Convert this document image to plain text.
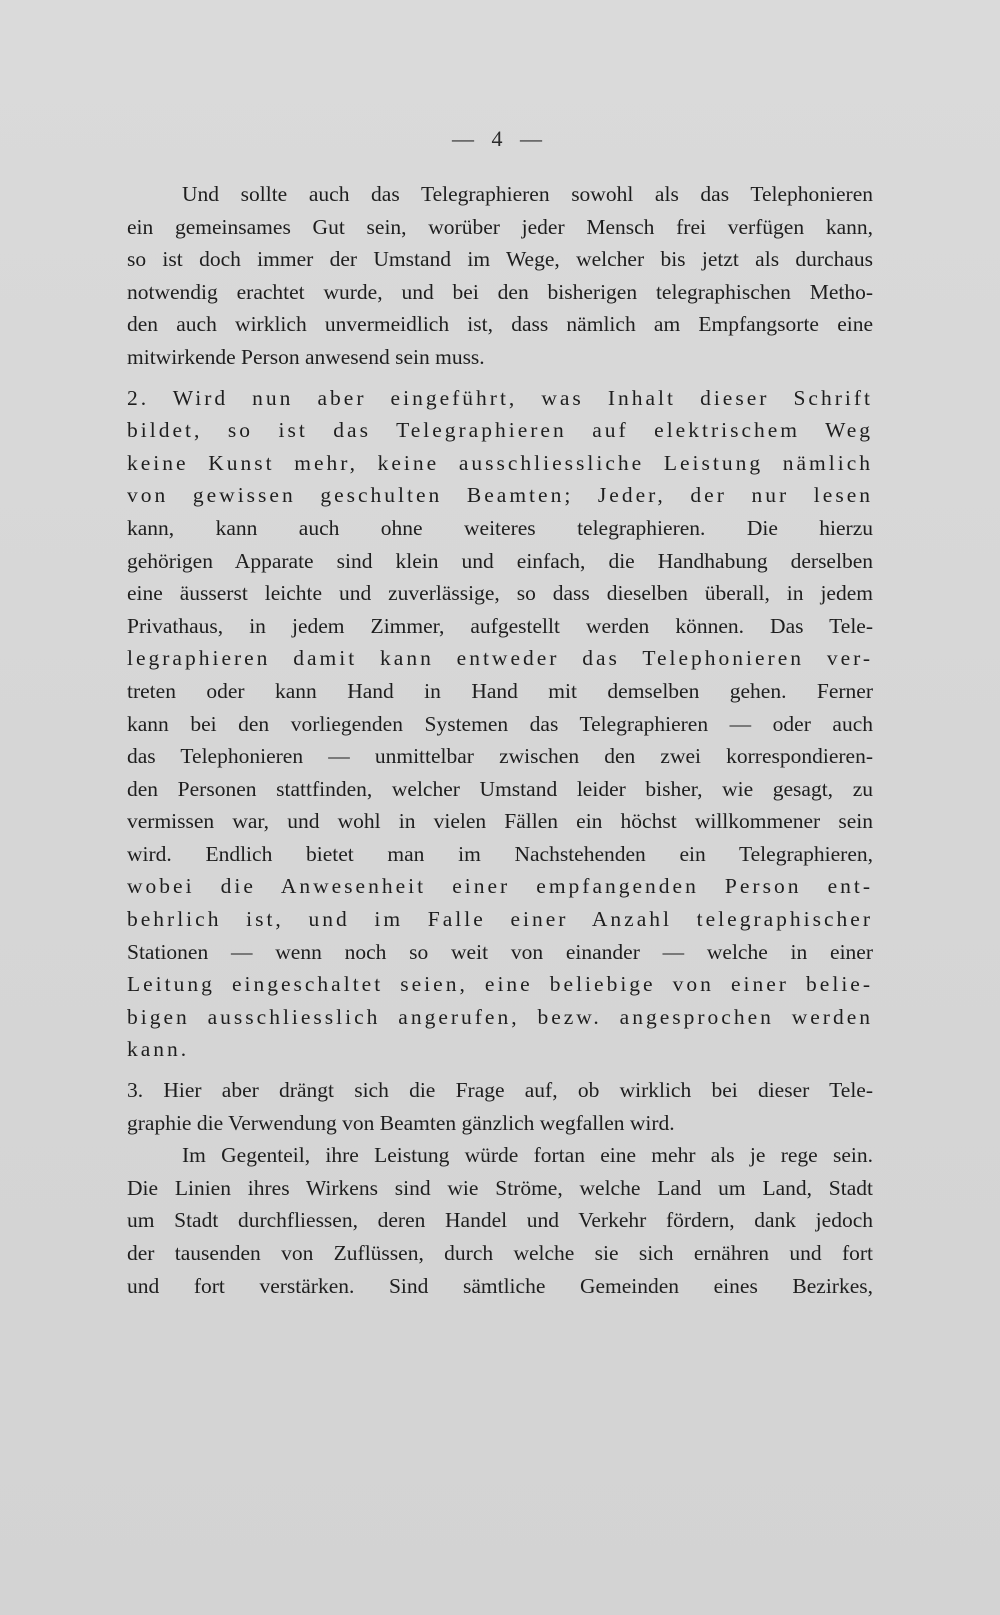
— 4 —
Und sollte auch das Telegraphieren sowohl als das Telephonieren
ein gemeinsames Gut sein, worüber jeder Mensch frei verfügen kann,
so ist doch immer der Umstand im Wege, welcher bis jetzt als durchaus
notwendig erachtet wurde, und bei den bisherigen telegraphischen Metho-
den auch wirklich unvermeidlich ist, dass nämlich am Empfangsorte eine
mitwirkende Person anwesend sein muss.
2. Wird nun aber eingeführt, was Inhalt dieser Schrift
bildet, so ist das Telegraphieren auf elektrischem Weg
keine Kunst mehr, keine ausschliessliche Leistung nämlich
von gewissen geschulten Beamten; Jeder, der nur lesen
kann, kann auch ohne weiteres telegraphieren. Die hierzu
gehörigen Apparate sind klein und einfach, die Handhabung derselben
eine äusserst leichte und zuverlässige, so dass dieselben überall, in jedem
Privathaus, in jedem Zimmer, aufgestellt werden können. Das Tele-
legraphieren damit kann entweder das Telephonieren ver-
treten oder kann Hand in Hand mit demselben gehen. Ferner
kann bei den vorliegenden Systemen das Telegraphieren — oder auch
das Telephonieren — unmittelbar zwischen den zwei korrespondieren-
den Personen stattfinden, welcher Umstand leider bisher, wie gesagt, zu
vermissen war, und wohl in vielen Fällen ein höchst willkommener sein
wird. Endlich bietet man im Nachstehenden ein Telegraphieren,
wobei die Anwesenheit einer empfangenden Person ent-
behrlich ist, und im Falle einer Anzahl telegraphischer
Stationen — wenn noch so weit von einander — welche in einer
Leitung eingeschaltet seien, eine beliebige von einer belie-
bigen ausschliesslich angerufen, bezw. angesprochen werden
kann.
3. Hier aber drängt sich die Frage auf, ob wirklich bei dieser Tele-
graphie die Verwendung von Beamten gänzlich wegfallen wird.
Im Gegenteil, ihre Leistung würde fortan eine mehr als je rege sein.
Die Linien ihres Wirkens sind wie Ströme, welche Land um Land, Stadt
um Stadt durchfliessen, deren Handel und Verkehr fördern, dank jedoch
der tausenden von Zuflüssen, durch welche sie sich ernähren und fort
und fort verstärken. Sind sämtliche Gemeinden eines Bezirkes,
